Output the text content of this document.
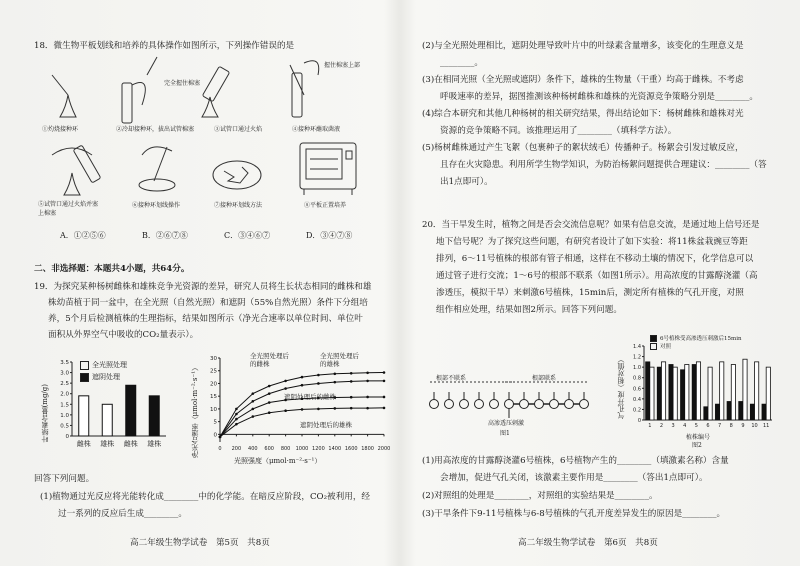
18．微生物平板划线和培养的具体操作如图所示，下列操作错误的是
①灼烧接种环	②冷却接种环，拔出试管棉塞	③试管口通过火焰	④接种环蘸取菌液
⑤试管口通过火焰并塞上棉塞
⑥接种环划线操作	⑦接种环划线方法	⑧平板正置培养
完全握住棉塞
握住棉塞上部
A．①②⑤⑥	B．②⑥⑦⑧	C．③④⑥⑦	D．③④⑦⑧
二、非选择题：本题共4小题，共64分。
19．为探究某种杨树雌株和雄株竞争光资源的差异，研究人员将生长状态相同的雌株和雄
株幼苗植于同一盆中，在全光照（自然光照）和遮阴（55%自然光照）条件下分组培
养，5个月后检测植株的生理指标，结果如图所示（净光合速率以单位时间、单位叶
面积从外界空气中吸收的CO₂量表示）。
叶绿素含量(mg/g)	0
0.5
1.0
1.5
2.0
2.5
3.0
3.5
雌株 雄株 雌株 雄株
全光照处理
遮阴处理	净光合速率（μmol·m⁻²·s⁻¹）	0
5
10
15
20
25
30
0 200 400 600 800 1000 1200 1400 1600 1800 2000
光照强度（μmol·m⁻²·s⁻¹）
全光照处理后的雌株
全光照处理后的雄株
遮阴处理后的雌株
遮阴处理后的雄株
回答下列问题。
(1)植物通过光反应将光能转化成________中的化学能。在暗反应阶段，CO₂被利用，经
过一系列的反应后生成________。
高二年级生物学试卷　第5页　共8页
(2)与全光照处理相比，遮阴处理导致叶片中的叶绿素含量增多，该变化的生理意义是
________。
(3)在相同光照（全光照或遮阴）条件下，雄株的生物量（干重）均高于雌株。不考虑
呼吸速率的差异，据图推测该种杨树雌株和雄株的光资源竞争策略分别是________。
(4)综合本研究和其他几种杨树的相关研究结果，得出结论如下：杨树雌株和雄株对光
资源的竞争策略不同。该推理运用了________（填科学方法）。
(5)杨树雌株通过产生飞絮（包裹种子的絮状绒毛）传播种子。杨絮会引发过敏反应，
且存在火灾隐患。利用所学生物学知识，为防治杨絮问题提供合理建议：________（答
出1点即可）。
20．当干旱发生时，植物之间是否会交流信息呢？如果有信息交流，是通过地上信号还是
地下信号呢？为了探究这些问题，有研究者设计了如下实验：将11株盆栽豌豆等距
排列，6～11号植株的根部有管子相通，这样在不移动土壤的情况下，化学信息可以
通过管子进行交流；1～6号的根部不联系（如图1所示）。用高浓度的甘露醇浇灌（高
渗透压，模拟干旱）来刺激6号植株，15min后，测定所有植株的气孔开度，对照
组作相应处理，结果如图2所示。回答下列问题。
根部不联系	根部联系
高渗透压刺激
图1
气孔开度（相对值）
0
0.2
0.4
0.6
0.8
1.0
1.2
1.4
1 2 3 4 5 6 7 8 9 10 11
6号植株受高渗透压刺激后15min
对照
植株编号
图2
(1)用高浓度的甘露醇浇灌6号植株，6号植物产生的________（填激素名称）含量
会增加，促进气孔关闭，该激素主要作用是________（答出1点即可）。
(2)对照组的处理是________，对照组的实验结果是________。
(3)干旱条件下9-11号植株与6-8号植株的气孔开度差异发生的原因是________。
高二年级生物学试卷　第6页　共8页
